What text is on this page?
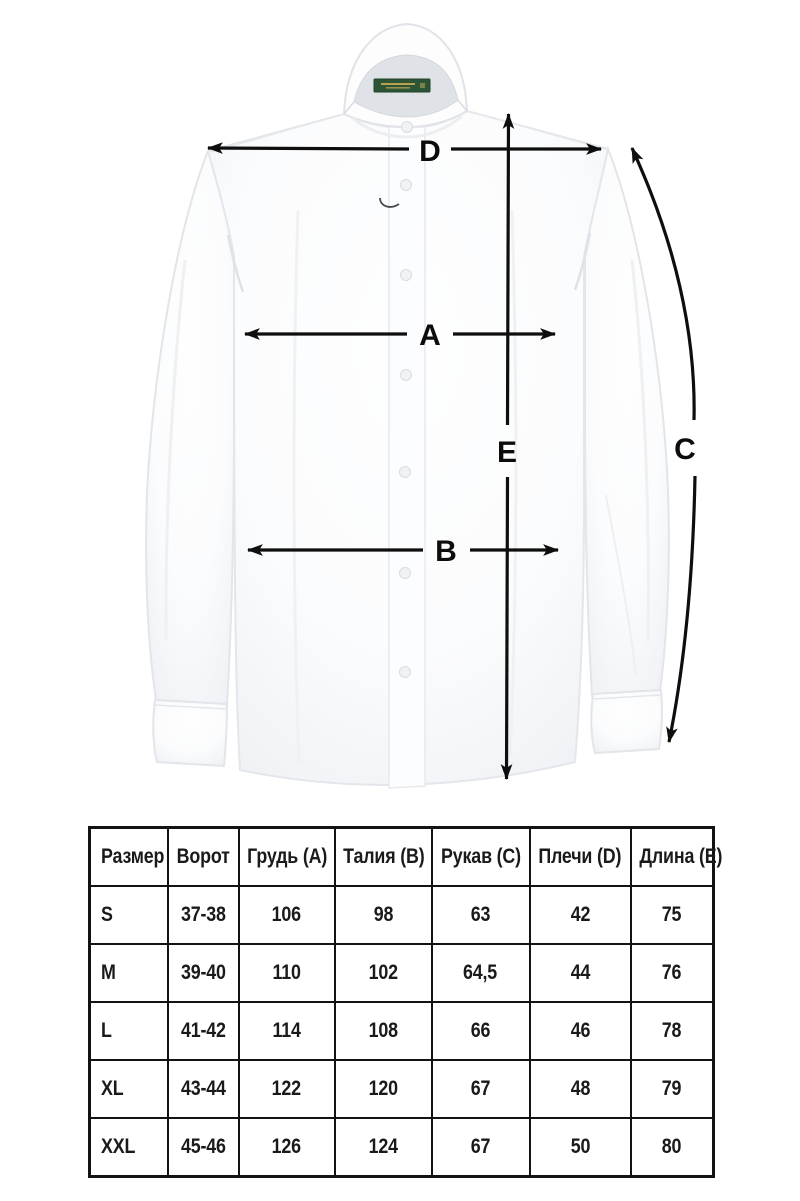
D
A
B
E	C
Размер	Ворот	Грудь (A)	Талия (B)	Рукав (C)	Плечи (D)	Длина (E)
S	37-38	106	98	63	42	75
M	39-40	110	102	64,5	44	76
L	41-42	114	108	66	46	78
XL	43-44	122	120	67	48	79
XXL	45-46	126	124	67	50	80
